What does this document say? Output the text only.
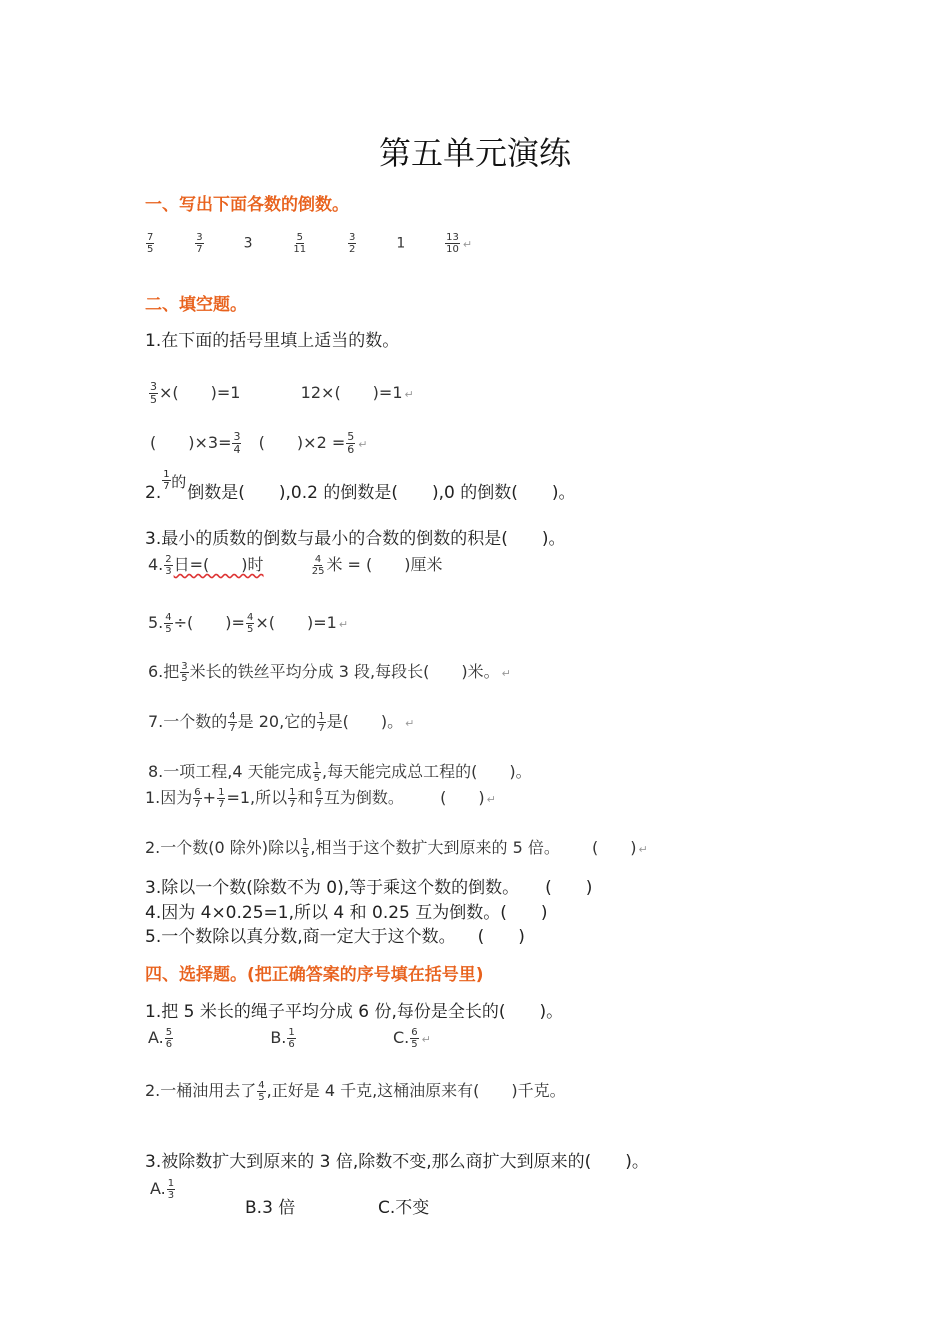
第五单元演练
一、写出下面各数的倒数。
$\frac{7}{5}$
	$\frac{3}{7}$	3	$\frac{5}{11}$
	$\frac{3}{2}$	1	$\frac{13}{10}$ ↵
二、填空题。
1.在下面的括号里填上适当的数。
$\frac{3}{5}$ ×(　　)=1	12×(　　)=1 ↵
(　　)$\times 3= \frac{3}{4}$ (　　)$\times 2 = \frac{5}{6}$ ↵
2.
$\frac{1}{7}$ 的
倒数是(　　),0.2 的倒数是(　　),0 的倒数(　　)。
3.最小的质数的倒数与最小的合数的倒数的积是(　　)。
4. $\frac{2}{3}$ 日=(　　)时	$\frac{4}{25}$ 米 = (　　)厘米
5. $\frac{4}{5}$ ÷(　　)= $\frac{4}{5}$ ×(　　)=1 ↵
6.把 $\frac{3}{5}$ 米长的铁丝平均分成 3 段,每段长(　　)米。 ↵
7.一个数的 $\frac{4}{7}$ 是 20,它的 $\frac{1}{7}$ 是(　　)。 ↵
8.一项工程,4 天能完成 $\frac{1}{5}$ ,每天能完成总工程的(　　)。
1.因为 $\frac{6}{7} + \frac{1}{7} =1$,所以 $\frac{1}{7}$ 和 $\frac{6}{7}$ 互为倒数。 (　　) ↵
2.一个数(0 除外)除以 $\frac{1}{5}$ ,相当于这个数扩大到原来的 5 倍。 (　　) ↵
3.除以一个数(除数不为 0),等于乘这个数的倒数。 (　　)
4.因为 4×0.25=1,所以 4 和 0.25 互为倒数。(　　)
5.一个数除以真分数,商一定大于这个数。 (　　)
四、选择题。(把正确答案的序号填在括号里)
1.把 5 米长的绳子平均分成 6 份,每份是全长的(　　)。
A. $\frac{5}{6}$	B. $\frac{1}{6}$	C. $\frac{6}{5}$ ↵
2.一桶油用去了 $\frac{4}{5}$ ,正好是 4 千克,这桶油原来有(　　)千克。
3.被除数扩大到原来的 3 倍,除数不变,那么商扩大到原来的(　　)。
A. $\frac{1}{3}$
B.3 倍	C.不变
